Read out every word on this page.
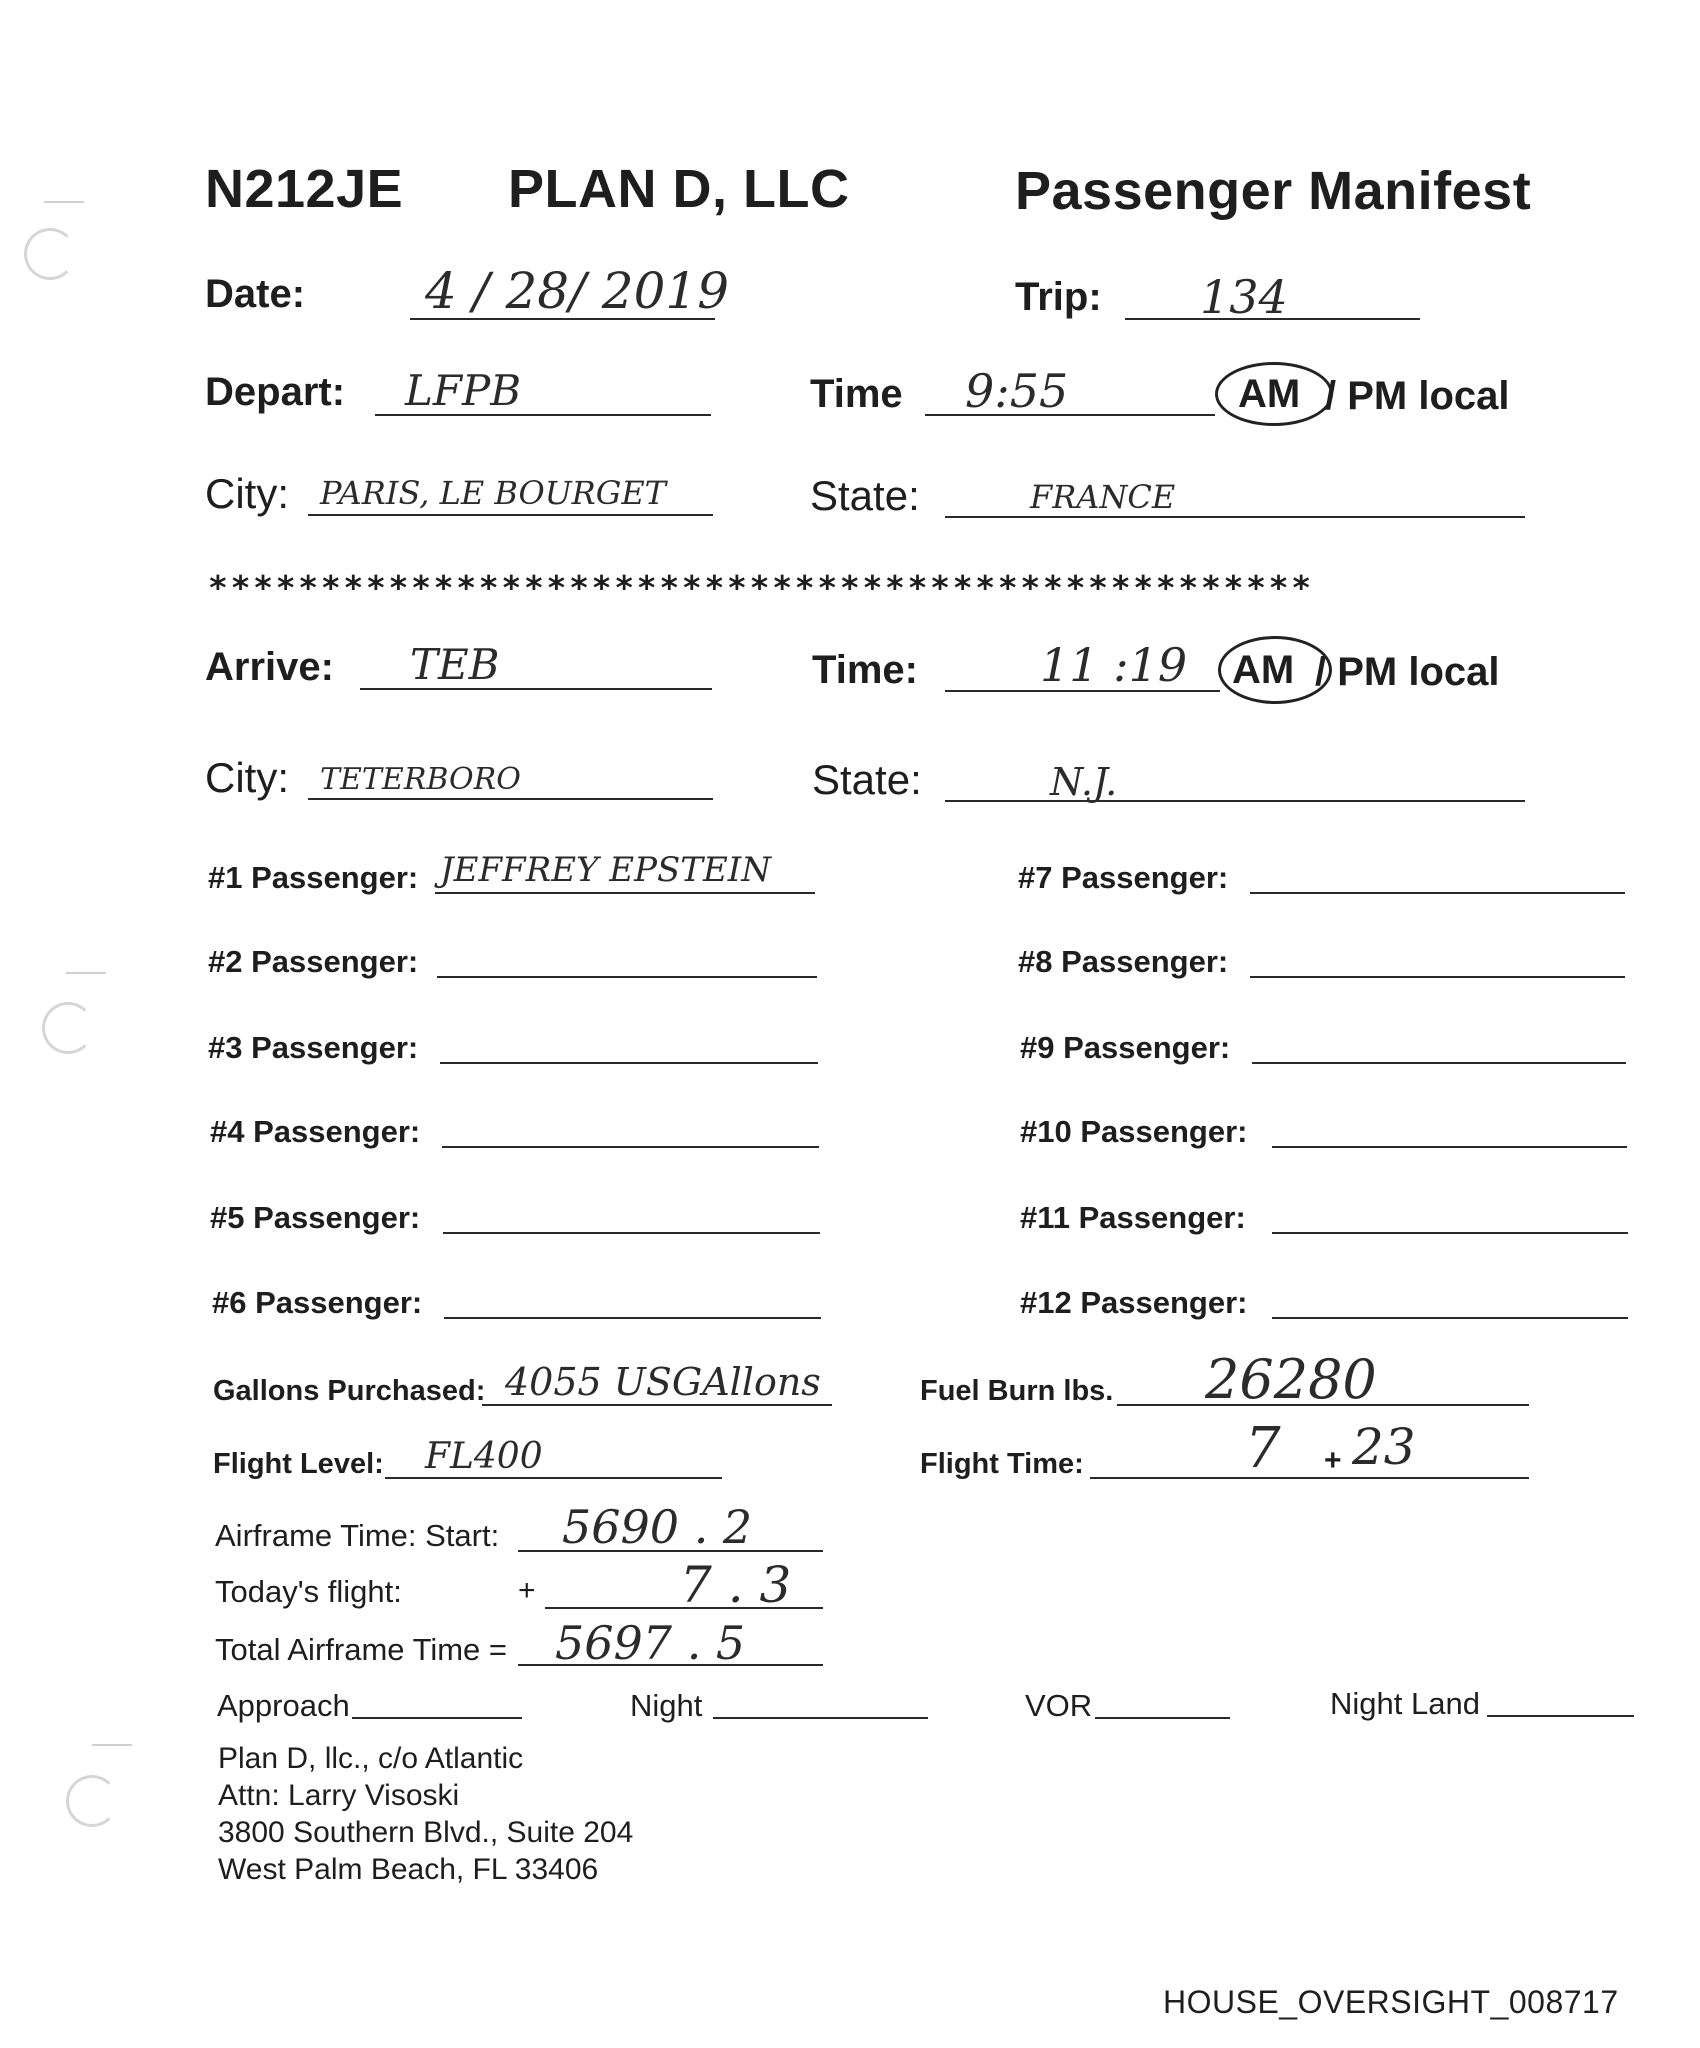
N212JE PLAN D, LLC	Passenger Manifest
Date: 4 / 28/ 2019	Trip: 134
Depart: LFPB	Time 9:55	AM / PM local
City: PARIS, LE BOURGET	State:	FRANCE
*************************************************
Arrive: TEB	Time:	11 :19 AM / PM local
City: TETERBORO	State:	N.J.
#1 Passenger: JEFFREY EPSTEIN
#2 Passenger:
#3 Passenger:
#4 Passenger:
#5 Passenger:
#6 Passenger:
#7 Passenger:
#8 Passenger:
#9 Passenger:
#10 Passenger:
#11 Passenger:
#12 Passenger:
Gallons Purchased: 4055 USGAllons	Fuel Burn lbs. 26280
Flight Level: FL400	Flight Time:	7 + 23
Airframe Time: Start: 5690 . 2
Today's flight:	+	7 . 3
Total Airframe Time = 5697 . 5
Approach	Night	VOR	Night Land
Plan D, llc., c/o Atlantic
Attn: Larry Visoski
3800 Southern Blvd., Suite 204
West Palm Beach, FL 33406
HOUSE_OVERSIGHT_008717
